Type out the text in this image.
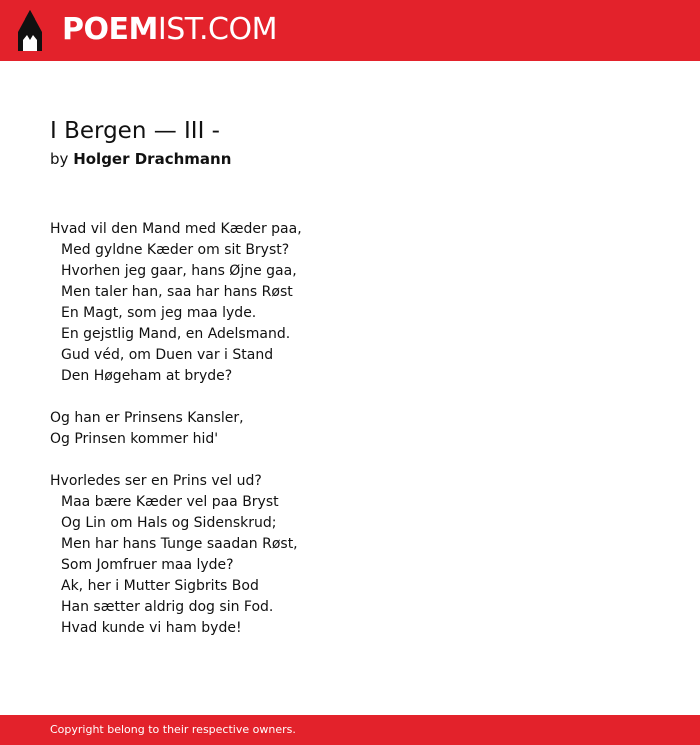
POEMIST.COM
I Bergen — III -

by Holger Drachmann

Hvad vil den Mand med Kæder paa,
Med gyldne Kæder om sit Bryst?
Hvorhen jeg gaar, hans Øjne gaa,
Men taler han, saa har hans Røst
En Magt, som jeg maa lyde.
En gejstlig Mand, en Adelsmand.
Gud véd, om Duen var i Stand
Den Høgeham at bryde?
Og han er Prinsens Kansler,
Og Prinsen kommer hid'
Hvorledes ser en Prins vel ud?
Maa bære Kæder vel paa Bryst
Og Lin om Hals og Sidenskrud;
Men har hans Tunge saadan Røst,
Som Jomfruer maa lyde?
Ak, her i Mutter Sigbrits Bod
Han sætter aldrig dog sin Fod.
Hvad kunde vi ham byde!
Copyright belong to their respective owners.
